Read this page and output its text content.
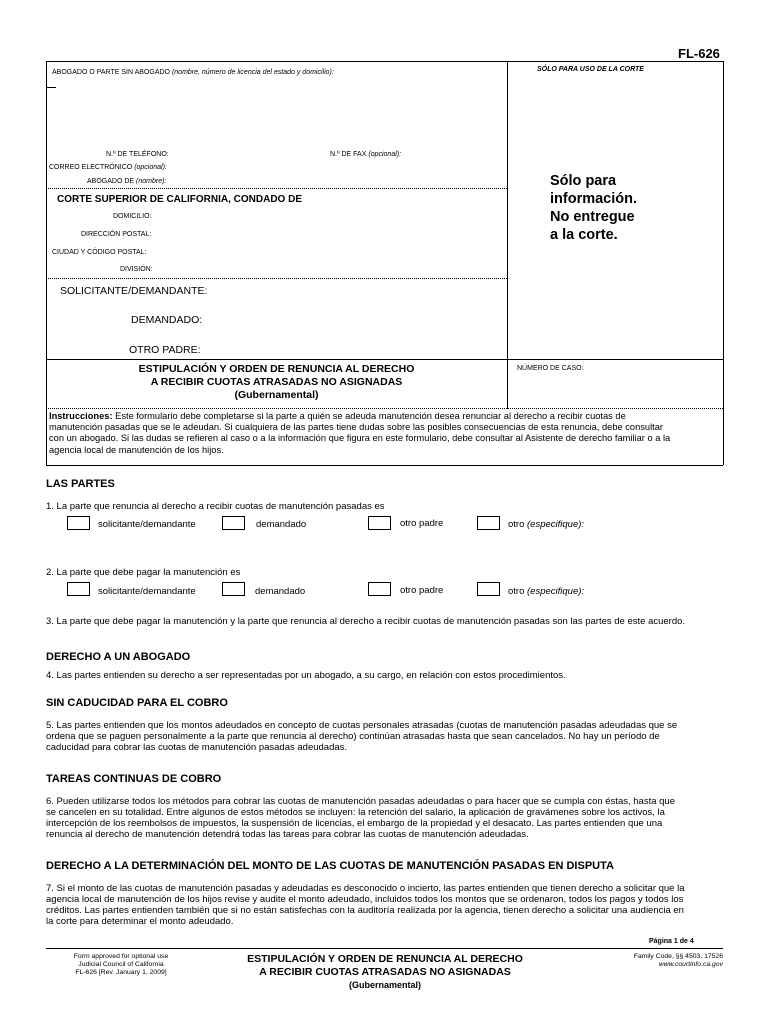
FL-626
ABOGADO O PARTE SIN ABOGADO (nombre, número de licencia del estado y domicilio):	SÓLO PARA USO DE LA CORTE
N.º DE TELÉFONO:	N.º DE FAX (opcional):
CORREO ELECTRÓNICO (opcional):
ABOGADO DE (nombre):	Sólo para
información.
No entregue
a la corte.
CORTE SUPERIOR DE CALIFORNIA, CONDADO DE
DOMICILIO:
DIRECCIÓN POSTAL:
CIUDAD Y CÓDIGO POSTAL:
DIVISIÓN:
SOLICITANTE/DEMANDANTE:
DEMANDADO:
OTRO PADRE:
ESTIPULACIÓN Y ORDEN DE RENUNCIA AL DERECHO
A RECIBIR CUOTAS ATRASADAS NO ASIGNADAS
(Gubernamental)
NÚMERO DE CASO:
Instrucciones: Este formulario debe completarse si la parte a quién se adeuda manutención desea renunciar al derecho a recibir cuotas de
manutención pasadas que se le adeudan. Si cualquiera de las partes tiene dudas sobre las posibles consecuencias de esta renuncia, debe consultar
con un abogado. Si las dudas se refieren al caso o a la información que figura en este formulario, debe consultar al Asistente de derecho familiar o a la
agencia local de manutención de los hijos.
LAS PARTES
1. La parte que renuncia al derecho a recibir cuotas de manutención pasadas es
solicitante/demandante	demandado	otro padre	otro (especifique):
2. La parte que debe pagar la manutención es
solicitante/demandante	demandado	otro padre	otro (especifique):
3. La parte que debe pagar la manutención y la parte que renuncia al derecho a recibir cuotas de manutención pasadas son las partes de este acuerdo.
DERECHO A UN ABOGADO
4. Las partes entienden su derecho a ser representadas por un abogado, a su cargo, en relación con estos procedimientos.
SIN CADUCIDAD PARA EL COBRO
5. Las partes entienden que los montos adeudados en concepto de cuotas personales atrasadas (cuotas de manutención pasadas adeudadas que se
ordena que se paguen personalmente a la parte que renuncia al derecho) continúan atrasadas hasta que sean cancelados. No hay un período de
caducidad para cobrar las cuotas de manutención pasadas adeudadas.
TAREAS CONTINUAS DE COBRO
6. Pueden utilizarse todos los métodos para cobrar las cuotas de manutención pasadas adeudadas o para hacer que se cumpla con éstas, hasta que
se cancelen en su totalidad. Entre algunos de estos métodos se incluyen: la retención del salario, la aplicación de gravámenes sobre los activos, la
intercepción de los reembolsos de impuestos, la suspensión de licencias, el embargo de la propiedad y el desacato. Las partes entienden que una
renuncia al derecho de manutención detendrá todas las tareas para cobrar las cuotas de manutención adeudadas.
DERECHO A LA DETERMINACIÓN DEL MONTO DE LAS CUOTAS DE MANUTENCIÓN PASADAS EN DISPUTA
7. Si el monto de las cuotas de manutención pasadas y adeudadas es desconocido o incierto, las partes entienden que tienen derecho a solicitar que la
agencia local de manutención de los hijos revise y audite el monto adeudado, incluidos todos los montos que se ordenaron, todos los pagos y todos los
créditos. Las partes entienden también que si no están satisfechas con la auditoría realizada por la agencia, tienen derecho a solicitar una audiencia en
la corte para determinar el monto adeudado.
Página 1 de 4
Form approved for optional use
Judicial Council of California
FL-626 [Rev. January 1, 2009]
ESTIPULACIÓN Y ORDEN DE RENUNCIA AL DERECHO
A RECIBIR CUOTAS ATRASADAS NO ASIGNADAS
(Gubernamental)
Family Code, §§ 4503, 17526
www.courtinfo.ca.gov
